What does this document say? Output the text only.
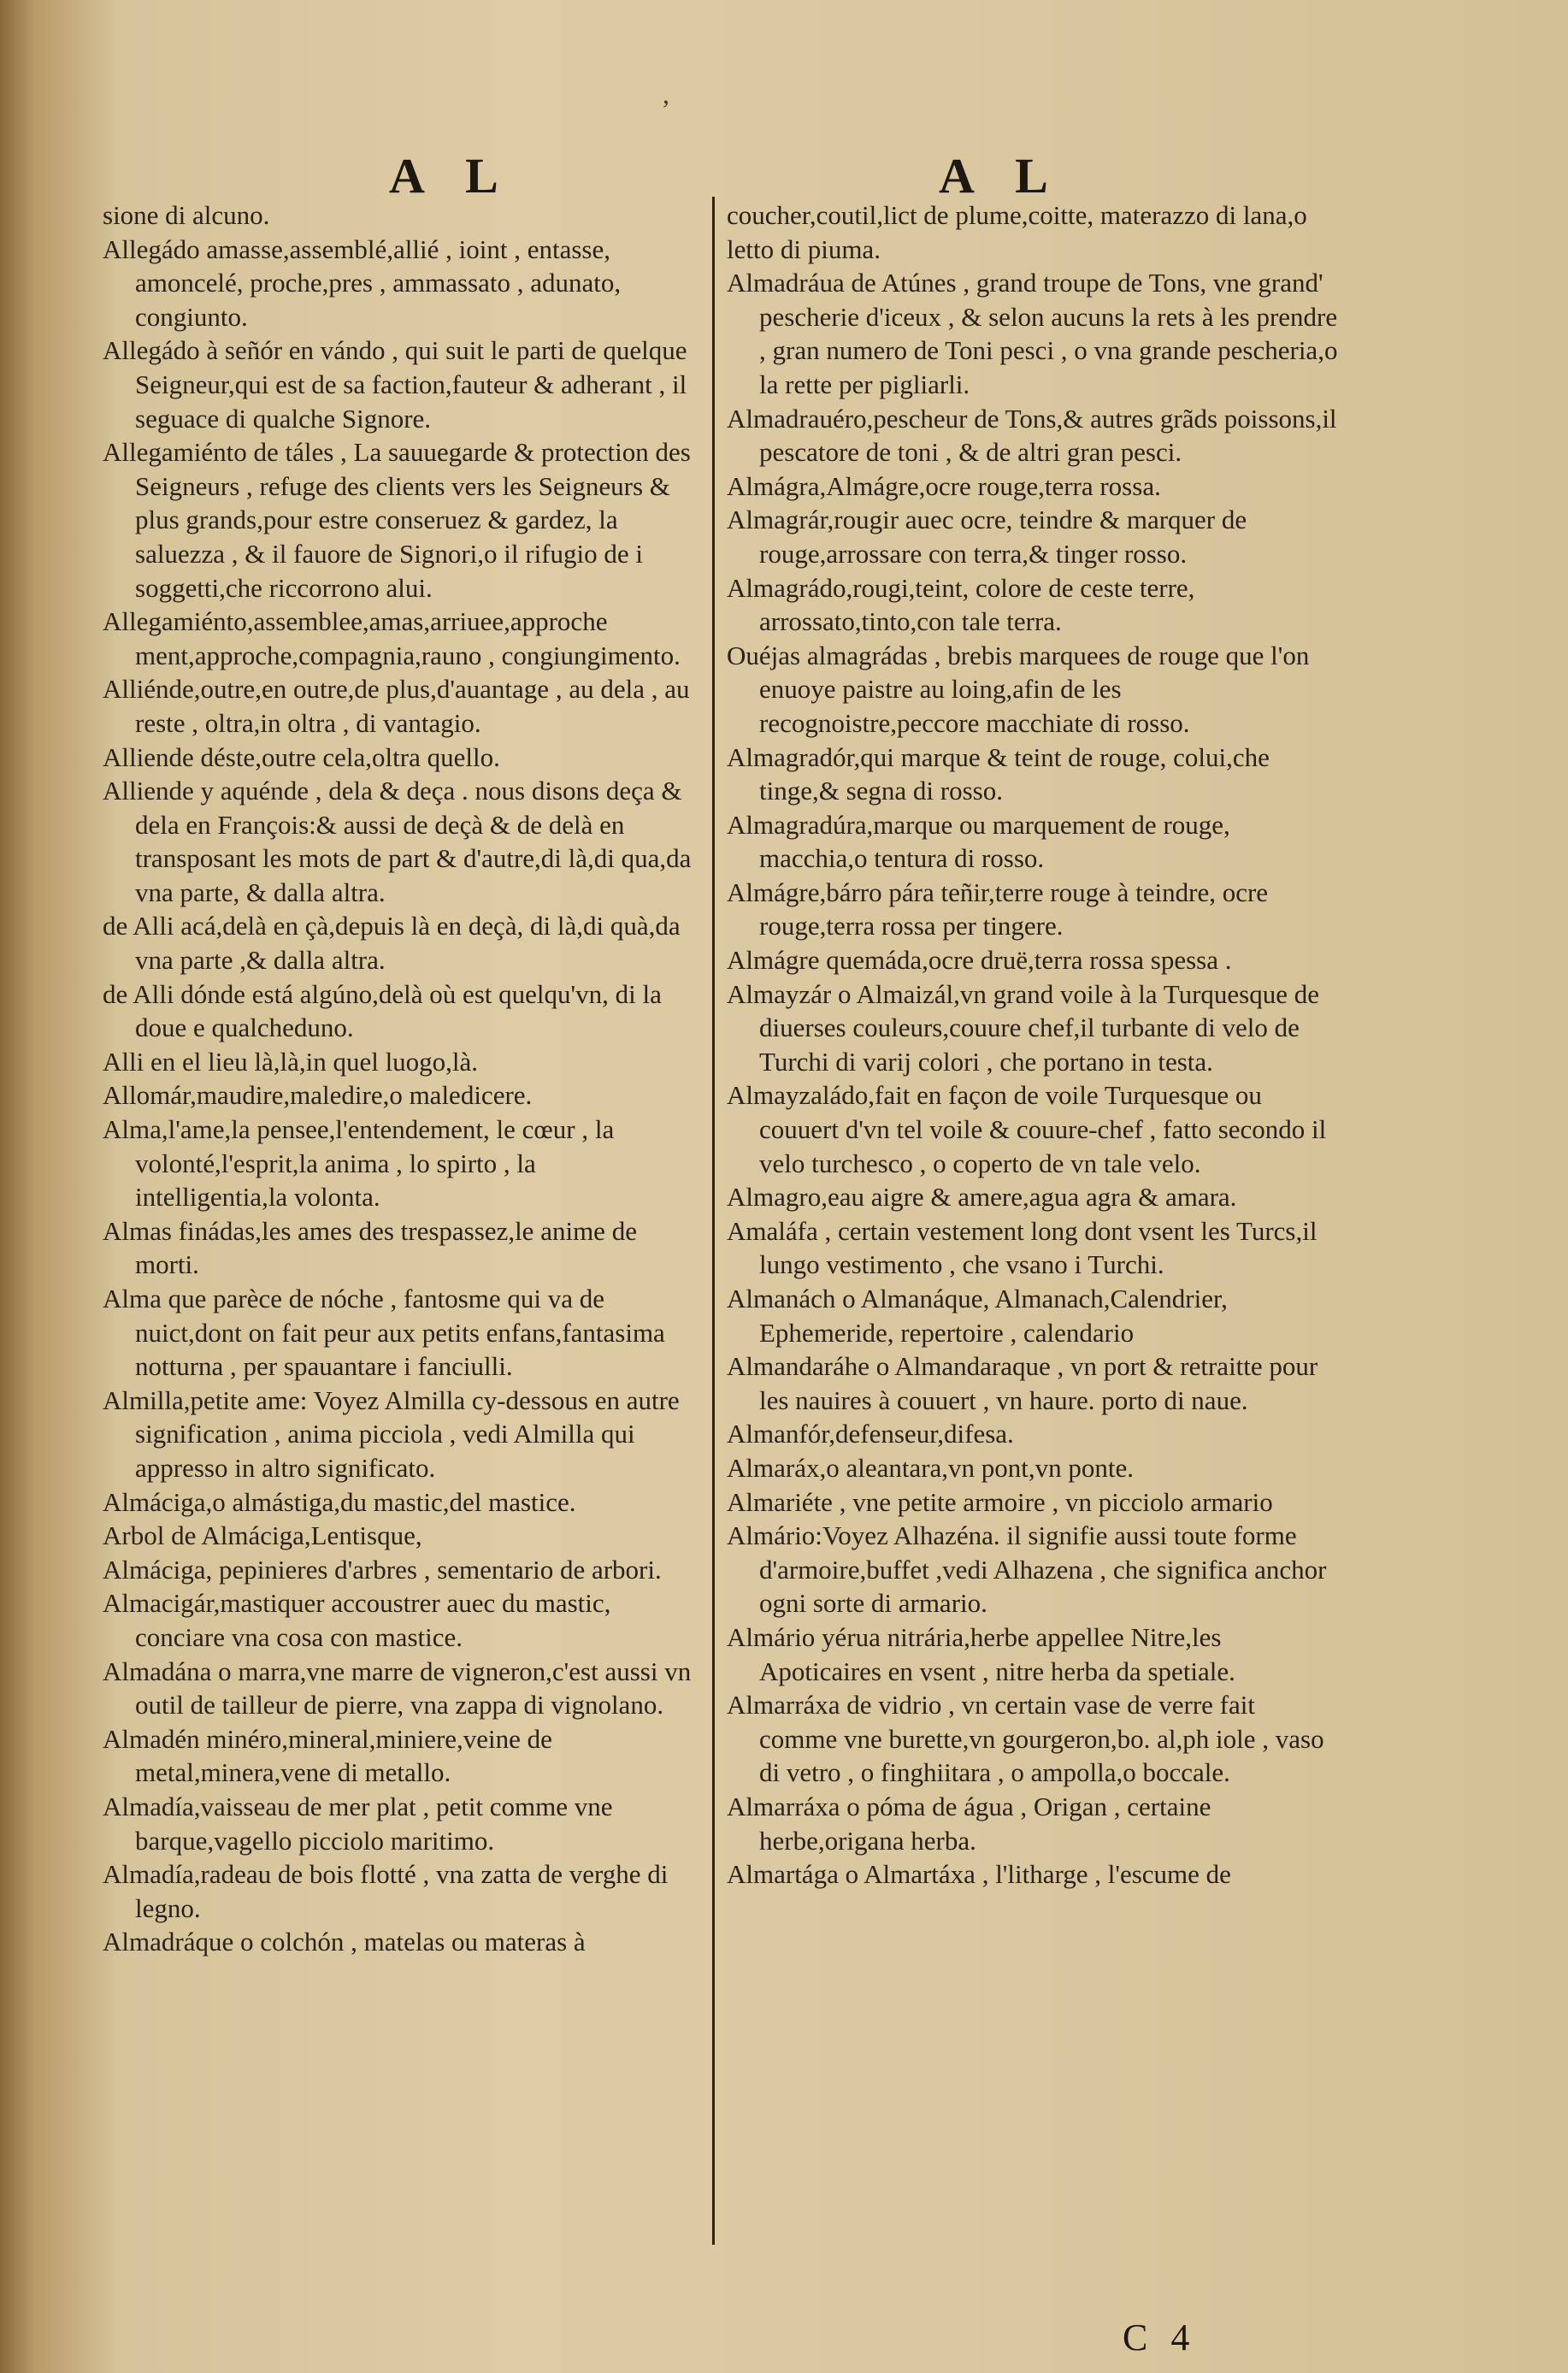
,
A L	A L

sione di alcuno.

Allegádo amasse,assemblé,allié , ioint , entasse, amoncelé, proche,pres , ammassato , adunato, congiunto.

Allegádo à señór en vándo , qui suit le parti de quelque Seigneur,qui est de sa faction,fauteur & adherant , il seguace di qualche Signore.

Allegamiénto de táles , La sauuegarde & protection des Seigneurs , refuge des clients vers les Seigneurs & plus grands,pour estre conseruez & gardez, la saluezza , & il fauore de Signori,o il rifugio de i soggetti,che riccorrono alui.

Allegamiénto,assemblee,amas,arriuee,approche ment,approche,compagnia,rauno , congiungimento.

Alliénde,outre,en outre,de plus,d'auantage , au dela , au reste , oltra,in oltra , di vantagio.

Alliende déste,outre cela,oltra quello.

Alliende y aquénde , dela & deça . nous disons deça & dela en François:& aussi de deçà & de delà en transposant les mots de part & d'autre,di là,di qua,da vna parte, & dalla altra.

de Alli acá,delà en çà,depuis là en deçà, di là,di quà,da vna parte ,& dalla altra.

de Alli dónde está algúno,delà où est quelqu'vn, di la doue e qualcheduno.

Alli en el lieu là,là,in quel luogo,là.

Allomár,maudire,maledire,o maledicere.

Alma,l'ame,la pensee,l'entendement, le cœur , la volonté,l'esprit,la anima , lo spirto , la intelligentia,la volonta.

Almas finádas,les ames des trespassez,le anime de morti.

Alma que parèce de nóche , fantosme qui va de nuict,dont on fait peur aux petits enfans,fantasima notturna , per spauantare i fanciulli.

Almilla,petite ame: Voyez Almilla cy-dessous en autre signification , anima picciola , vedi Almilla qui appresso in altro significato.

Almáciga,o almástiga,du mastic,del mastice.

Arbol de Almáciga,Lentisque,

Almáciga, pepinieres d'arbres , sementario de arbori.

Almacigár,mastiquer accoustrer auec du mastic, conciare vna cosa con mastice.

Almadána o marra,vne marre de vigneron,c'est aussi vn outil de tailleur de pierre, vna zappa di vignolano.

Almadén minéro,mineral,miniere,veine de metal,minera,vene di metallo.

Almadía,vaisseau de mer plat , petit comme vne barque,vagello picciolo maritimo.

Almadía,radeau de bois flotté , vna zatta de verghe di legno.

Almadráque o colchón , matelas ou materas à

coucher,coutil,lict de plume,coitte, materazzo di lana,o letto di piuma.

Almadráua de Atúnes , grand troupe de Tons, vne grand' pescherie d'iceux , & selon aucuns la rets à les prendre , gran numero de Toni pesci , o vna grande pescheria,o la rette per pigliarli.

Almadrauéro,pescheur de Tons,& autres grãds poissons,il pescatore de toni , & de altri gran pesci.

Almágra,Almágre,ocre rouge,terra rossa.

Almagrár,rougir auec ocre, teindre & marquer de rouge,arrossare con terra,& tinger rosso.

Almagrádo,rougi,teint, colore de ceste terre, arrossato,tinto,con tale terra.

Ouéjas almagrádas , brebis marquees de rouge que l'on enuoye paistre au loing,afin de les recognoistre,peccore macchiate di rosso.

Almagradór,qui marque & teint de rouge, colui,che tinge,& segna di rosso.

Almagradúra,marque ou marquement de rouge, macchia,o tentura di rosso.

Almágre,bárro pára teñir,terre rouge à teindre, ocre rouge,terra rossa per tingere.

Almágre quemáda,ocre druë,terra rossa spessa .

Almayzár o Almaizál,vn grand voile à la Turquesque de diuerses couleurs,couure chef,il turbante di velo de Turchi di varij colori , che portano in testa.

Almayzaládo,fait en façon de voile Turquesque ou couuert d'vn tel voile & couure-chef , fatto secondo il velo turchesco , o coperto de vn tale velo.

Almagro,eau aigre & amere,agua agra & amara.

Amaláfa , certain vestement long dont vsent les Turcs,il lungo vestimento , che vsano i Turchi.

Almanách o Almanáque, Almanach,Calendrier, Ephemeride, repertoire , calendario

Almandaráhe o Almandaraque , vn port & retraitte pour les nauires à couuert , vn haure. porto di naue.

Almanfór,defenseur,difesa.

Almaráx,o aleantara,vn pont,vn ponte.

Almariéte , vne petite armoire , vn picciolo armario

Almário:Voyez Alhazéna. il signifie aussi toute forme d'armoire,buffet ,vedi Alhazena , che significa anchor ogni sorte di armario.

Almário yérua nitrária,herbe appellee Nitre,les Apoticaires en vsent , nitre herba da spetiale.

Almarráxa de vidrio , vn certain vase de verre fait comme vne burette,vn gourgeron,bo. al,ph iole , vaso di vetro , o finghiitara , o ampolla,o boccale.

Almarráxa o póma de água , Origan , certaine herbe,origana herba.

Almartága o Almartáxa , l'litharge , l'escume de

C 4
